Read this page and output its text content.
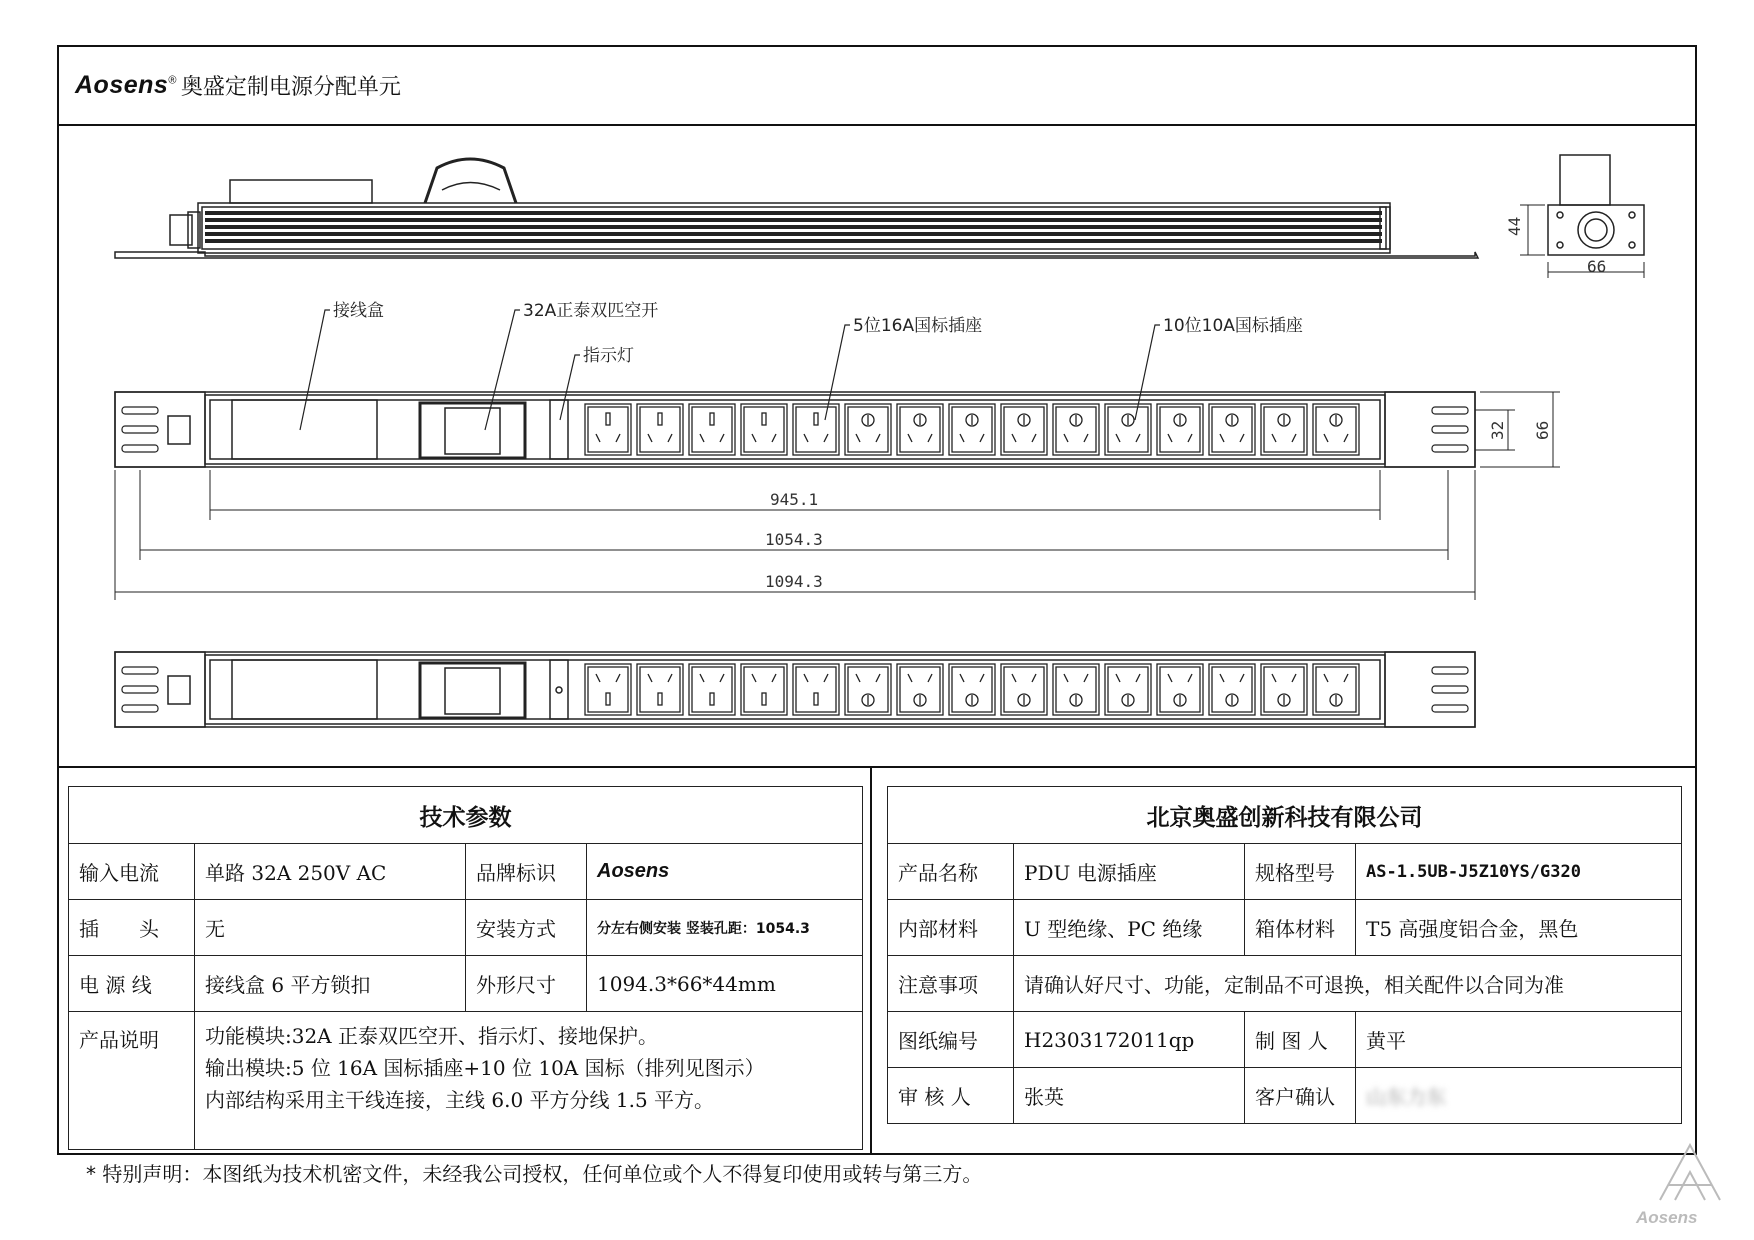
Aosens® 奥盛定制电源分配单元
44
66
945.1
1054.3
1094.3
32 66
接线盒	32A正泰双匹空开
指示灯
5位16A国标插座	10位10A国标插座
技术参数			
输入电流	单路 32A 250V AC	品牌标识	Aosens
插　　头	无	安装方式	分左右侧安装 竖装孔距：1054.3
电 源 线	接线盒 6 平方锁扣	外形尺寸	1094.3*66*44mm
产品说明	功能模块:32A 正泰双匹空开、指示灯、接地保护。
输出模块:5 位 16A 国标插座+10 位 10A 国标（排列见图示）
内部结构采用主干线连接，主线 6.0 平方分线 1.5 平方。		
北京奥盛创新科技有限公司			
产品名称	PDU 电源插座	规格型号	AS-1.5UB-J5Z10YS/G320
内部材料	U 型绝缘、PC 绝缘	箱体材料	T5 高强度铝合金，黑色
注意事项	请确认好尺寸、功能，定制品不可退换，相关配件以合同为准		
图纸编号	H2303172011qp	制 图 人	黄平
审 核 人	张英	客户确认	山东力东
* 特别声明：本图纸为技术机密文件，未经我公司授权，任何单位或个人不得复印使用或转与第三方。
Aosens
